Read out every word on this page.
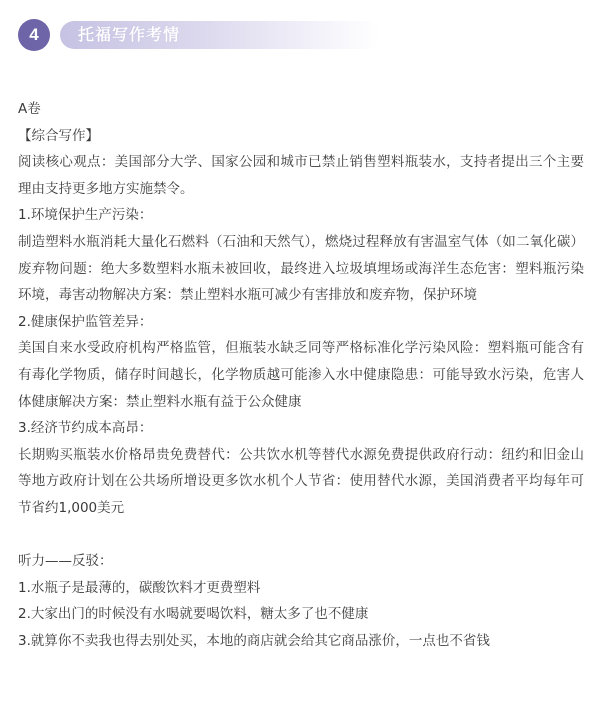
4	托福写作考情
A卷
【综合写作】
阅读核心观点：美国部分大学、国家公园和城市已禁止销售塑料瓶装水，支持者提出三个主要理由支持更多地方实施禁令。
1.环境保护生产污染：
制造塑料水瓶消耗大量化石燃料（石油和天然气），燃烧过程释放有害温室气体（如二氧化碳）废弃物问题：绝大多数塑料水瓶未被回收，最终进入垃圾填埋场或海洋生态危害：塑料瓶污染环境，毒害动物解决方案：禁止塑料水瓶可减少有害排放和废弃物，保护环境
2.健康保护监管差异：
美国自来水受政府机构严格监管，但瓶装水缺乏同等严格标准化学污染风险：塑料瓶可能含有有毒化学物质，储存时间越长，化学物质越可能渗入水中健康隐患：可能导致水污染，危害人体健康解决方案：禁止塑料水瓶有益于公众健康
3.经济节约成本高昂：
长期购买瓶装水价格昂贵免费替代：公共饮水机等替代水源免费提供政府行动：纽约和旧金山等地方政府计划在公共场所增设更多饮水机个人节省：使用替代水源，美国消费者平均每年可节省约1,000美元
听力——反驳：
1.水瓶子是最薄的，碳酸饮料才更费塑料
2.大家出门的时候没有水喝就要喝饮料，糖太多了也不健康
3.就算你不卖我也得去别处买，本地的商店就会给其它商品涨价，一点也不省钱
